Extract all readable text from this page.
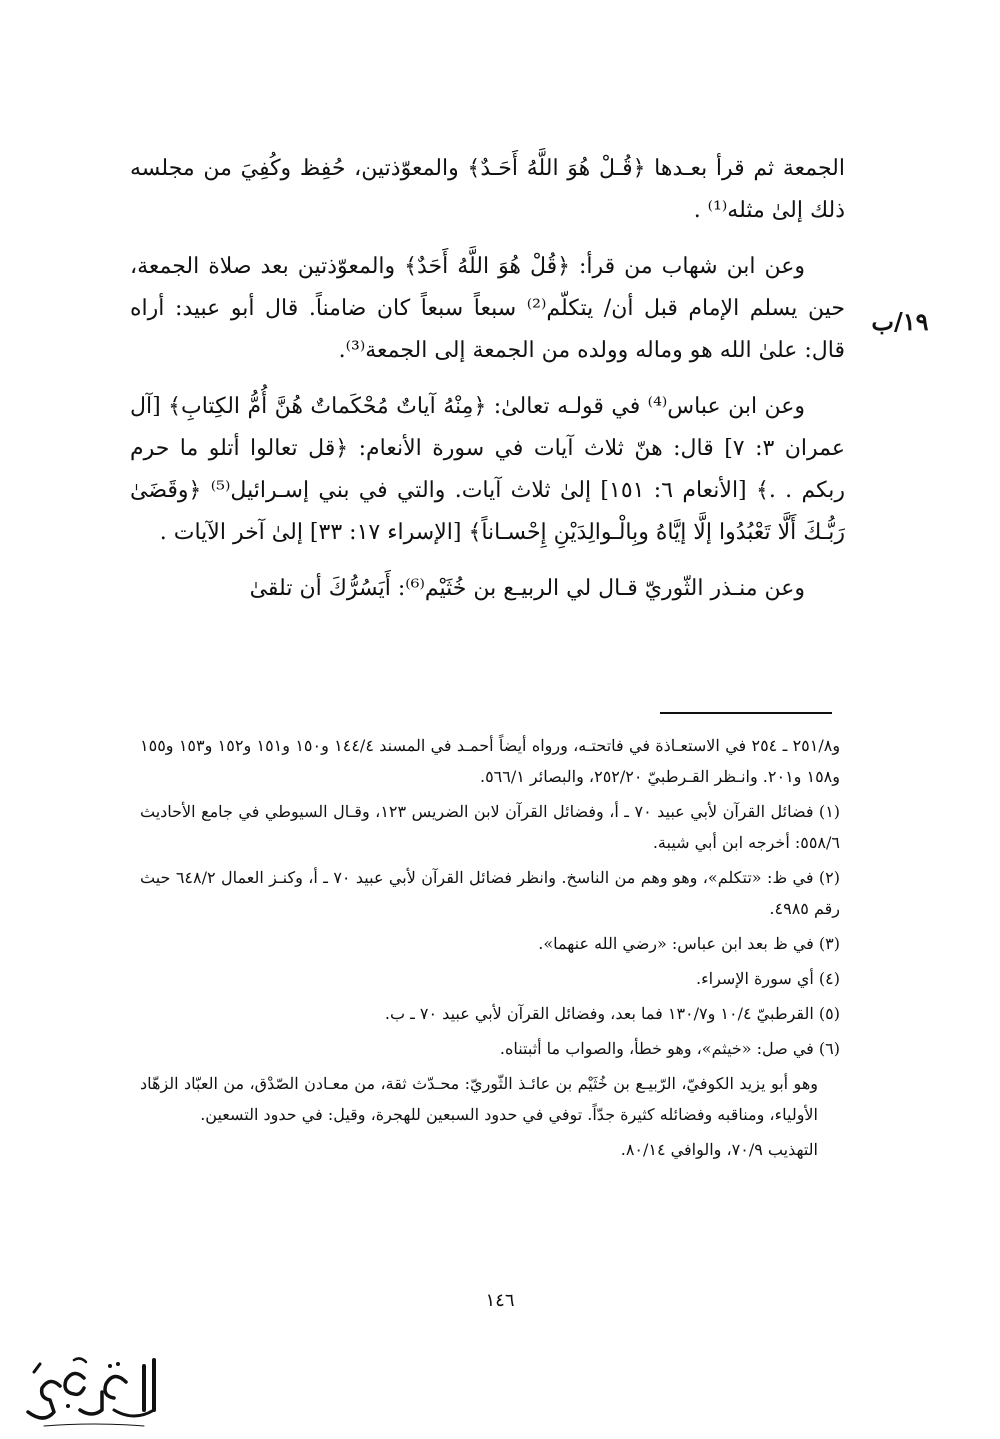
١٩/ب

الجمعة ثم قرأ بعـدها ﴿قُـلْ هُوَ اللَّهُ أَحَـدٌ﴾ والمعوّذتين، حُفِظ وكُفِيَ من مجلسه ذلك إلىٰ مثله⁽¹⁾ .

وعن ابن شهاب من قرأ: ﴿قُلْ هُوَ اللَّهُ أَحَدٌ﴾ والمعوّذتين بعد صلاة الجمعة، حين يسلم الإمام قبل أن/ يتكلّم⁽²⁾ سبعاً سبعاً كان ضامناً. قال أبو عبيد: أراه قال: علىٰ الله هو وماله وولده من الجمعة إلى الجمعة⁽³⁾.

وعن ابن عباس⁽⁴⁾ في قولـه تعالىٰ: ﴿مِنْهُ آياتٌ مُحْكَماتٌ هُنَّ أُمُّ الكِتابِ﴾ [آل عمران ٣: ٧] قال: هنّ ثلاث آيات في سورة الأنعام: ﴿قل تعالوا أتلو ما حرم ربكم . .﴾ [الأنعام ٦: ١٥١] إلىٰ ثلاث آيات. والتي في بني إسـرائيل⁽⁵⁾ ﴿وقَضَىٰ رَبُّـكَ أَلَّا تَعْبُدُوا إلَّا إيَّاهُ وبِالْـوالِدَيْنِ إِحْسـاناً﴾ [الإسراء ١٧: ٣٣] إلىٰ آخر الآيات .

وعن منـذر الثّوريّ قـال لي الربيـع بن خُثَيْم⁽⁶⁾: أَيَسُرُّكَ أن تلقىٰ

و٢٥١/٨ ـ ٢٥٤ في الاستعـاذة في فاتحتـه، ورواه أيضاً أحمـد في المسند ١٤٤/٤ و١٥٠ و١٥١ و١٥٢ و١٥٣ و١٥٥ و١٥٨ و٢٠١. وانـظر القـرطبيّ ٢٥٢/٢٠، والبصائر ٥٦٦/١.

(١) فضائل القرآن لأبي عبيد ٧٠ ـ أ، وفضائل القرآن لابن الضريس ١٢٣، وقـال السيوطي في جامع الأحاديث ٥٥٨/٦: أخرجه ابن أبي شيبة.

(٢) في ظ: «تتكلم»، وهو وهم من الناسخ. وانظر فضائل القرآن لأبي عبيد ٧٠ ـ أ، وكنـز العمال ٦٤٨/٢ حيث رقم ٤٩٨٥.

(٣) في ظ بعد ابن عباس: «رضي الله عنهما».

(٤) أي سورة الإسراء.

(٥) القرطبيّ ١٠/٤ و١٣٠/٧ فما بعد، وفضائل القرآن لأبي عبيد ٧٠ ـ ب.

(٦) في صل: «خيثم»، وهو خطأ، والصواب ما أثبتناه.

وهو أبو يزيد الكوفيّ، الرّبيـع بن خُثَيْم بن عائـذ الثّوريّ: محـدّث ثقة، من معـادن الصّدْق، من العبّاد الزهّاد الأولياء، ومناقبه وفضائله كثيرة جدّاً. توفي في حدود السبعين للهجرة، وقيل: في حدود التسعين.

التهذيب ٧٠/٩، والوافي ٨٠/١٤.

١٤٦
